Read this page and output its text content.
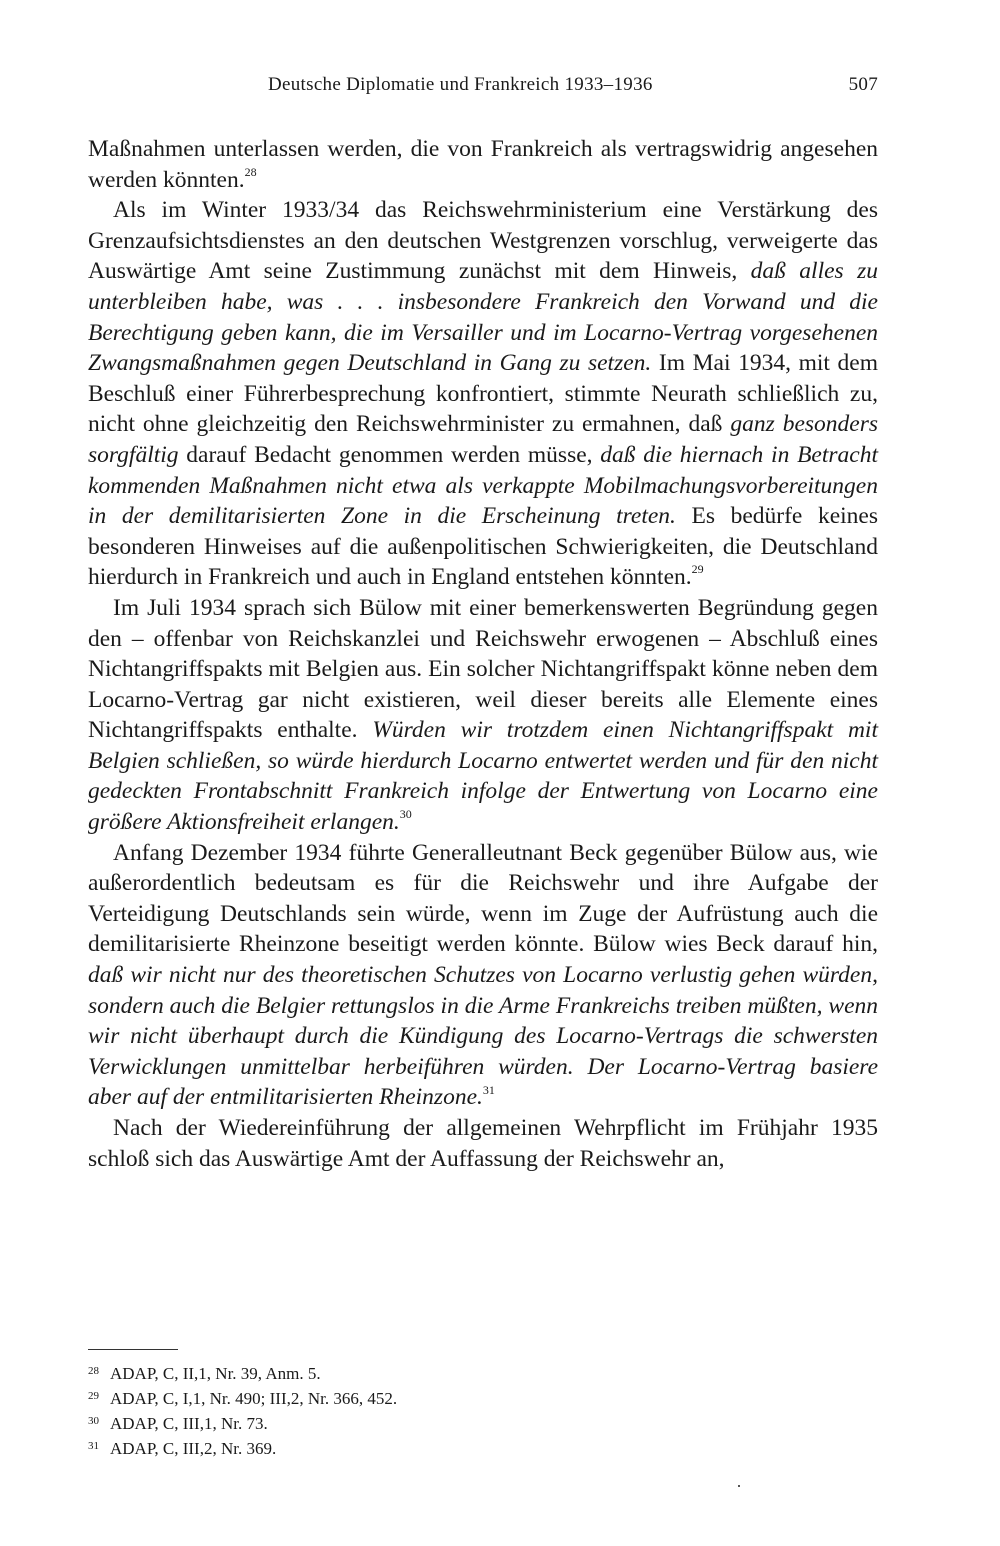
Deutsche Diplomatie und Frankreich 1933–1936	507

Maßnahmen unterlassen werden, die von Frankreich als vertragswidrig angesehen werden könnten.$^{28}$

Als im Winter 1933/34 das Reichswehrministerium eine Verstärkung des Grenzaufsichtsdienstes an den deutschen Westgrenzen vorschlug, verweigerte das Auswärtige Amt seine Zustimmung zunächst mit dem Hinweis, daß alles zu unterbleiben habe, was . . . insbesondere Frankreich den Vorwand und die Berechtigung geben kann, die im Versailler und im Locarno-Vertrag vorgesehenen Zwangsmaßnahmen gegen Deutschland in Gang zu setzen. Im Mai 1934, mit dem Beschluß einer Führerbesprechung konfrontiert, stimmte Neurath schließlich zu, nicht ohne gleichzeitig den Reichswehrminister zu ermahnen, daß ganz besonders sorgfältig darauf Bedacht genommen werden müsse, daß die hiernach in Betracht kommenden Maßnahmen nicht etwa als verkappte Mobilmachungsvorbereitungen in der demilitarisierten Zone in die Erscheinung treten. Es bedürfe keines besonderen Hinweises auf die außenpolitischen Schwierigkeiten, die Deutschland hierdurch in Frankreich und auch in England entstehen könnten.$^{29}$

Im Juli 1934 sprach sich Bülow mit einer bemerkenswerten Begründung gegen den – offenbar von Reichskanzlei und Reichswehr erwogenen – Abschluß eines Nichtangriffspakts mit Belgien aus. Ein solcher Nichtangriffspakt könne neben dem Locarno-Vertrag gar nicht existieren, weil dieser bereits alle Elemente eines Nichtangriffspakts enthalte. Würden wir trotzdem einen Nichtangriffspakt mit Belgien schließen, so würde hierdurch Locarno entwertet werden und für den nicht gedeckten Frontabschnitt Frankreich infolge der Entwertung von Locarno eine größere Aktionsfreiheit erlangen.$^{30}$

Anfang Dezember 1934 führte Generalleutnant Beck gegenüber Bülow aus, wie außerordentlich bedeutsam es für die Reichswehr und ihre Aufgabe der Verteidigung Deutschlands sein würde, wenn im Zuge der Aufrüstung auch die demilitarisierte Rheinzone beseitigt werden könnte. Bülow wies Beck darauf hin, daß wir nicht nur des theoretischen Schutzes von Locarno verlustig gehen würden, sondern auch die Belgier rettungslos in die Arme Frankreichs treiben müßten, wenn wir nicht überhaupt durch die Kündigung des Locarno-Vertrags die schwersten Verwicklungen unmittelbar herbeiführen würden. Der Locarno-Vertrag basiere aber auf der entmilitarisierten Rheinzone.$^{31}$

Nach der Wiedereinführung der allgemeinen Wehrpflicht im Frühjahr 1935 schloß sich das Auswärtige Amt der Auffassung der Reichswehr an,

28 ADAP, C, II,1, Nr. 39, Anm. 5.
29 ADAP, C, I,1, Nr. 490; III,2, Nr. 366, 452.
30 ADAP, C, III,1, Nr. 73.
31 ADAP, C, III,2, Nr. 369.
